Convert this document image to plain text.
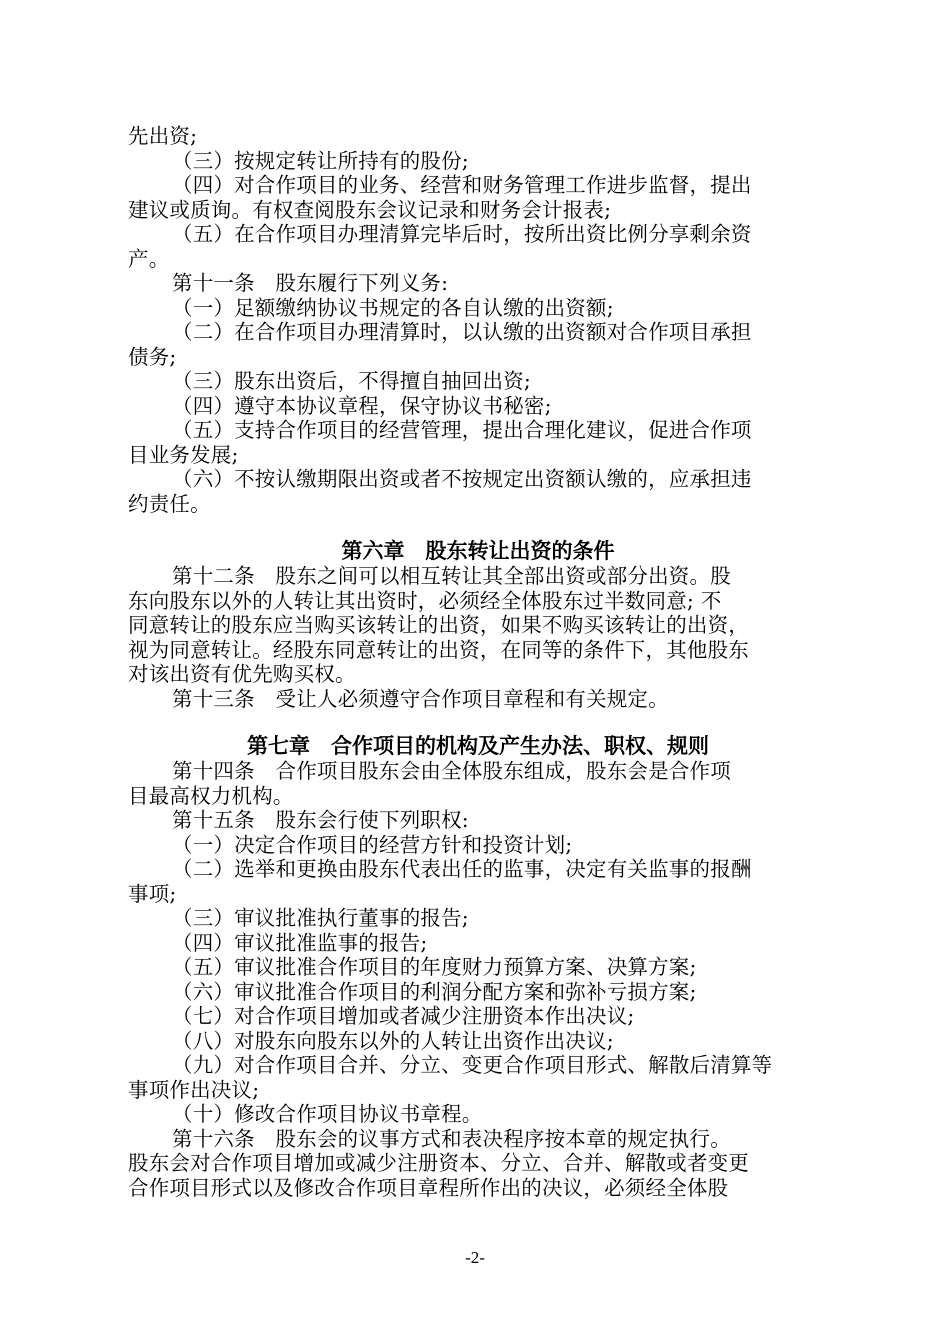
先出资;
（三）按规定转让所持有的股份;
（四）对合作项目的业务、经营和财务管理工作进步监督，提出
建议或质询。有权查阅股东会议记录和财务会计报表;
（五）在合作项目办理清算完毕后时，按所出资比例分享剩余资
产。
第十一条　股东履行下列义务:
（一）足额缴纳协议书规定的各自认缴的出资额;
（二）在合作项目办理清算时，以认缴的出资额对合作项目承担
债务;
（三）股东出资后，不得擅自抽回出资;
（四）遵守本协议章程，保守协议书秘密;
（五）支持合作项目的经营管理，提出合理化建议，促进合作项
目业务发展;
（六）不按认缴期限出资或者不按规定出资额认缴的，应承担违
约责任。
第六章　股东转让出资的条件
第十二条　股东之间可以相互转让其全部出资或部分出资。股
东向股东以外的人转让其出资时，必须经全体股东过半数同意; 不
同意转让的股东应当购买该转让的出资，如果不购买该转让的出资，
视为同意转让。经股东同意转让的出资，在同等的条件下，其他股东
对该出资有优先购买权。
第十三条　受让人必须遵守合作项目章程和有关规定。
第七章　合作项目的机构及产生办法、职权、规则
第十四条　合作项目股东会由全体股东组成，股东会是合作项
目最高权力机构。
第十五条　股东会行使下列职权:
（一）决定合作项目的经营方针和投资计划;
（二）选举和更换由股东代表出任的监事，决定有关监事的报酬
事项;
（三）审议批准执行董事的报告;
（四）审议批准监事的报告;
（五）审议批准合作项目的年度财力预算方案、决算方案;
（六）审议批准合作项目的利润分配方案和弥补亏损方案;
（七）对合作项目增加或者减少注册资本作出决议;
（八）对股东向股东以外的人转让出资作出决议;
（九）对合作项目合并、分立、变更合作项目形式、解散后清算等
事项作出决议;
（十）修改合作项目协议书章程。
第十六条　股东会的议事方式和表决程序按本章的规定执行。
股东会对合作项目增加或减少注册资本、分立、合并、解散或者变更
合作项目形式以及修改合作项目章程所作出的决议，必须经全体股
-2-
